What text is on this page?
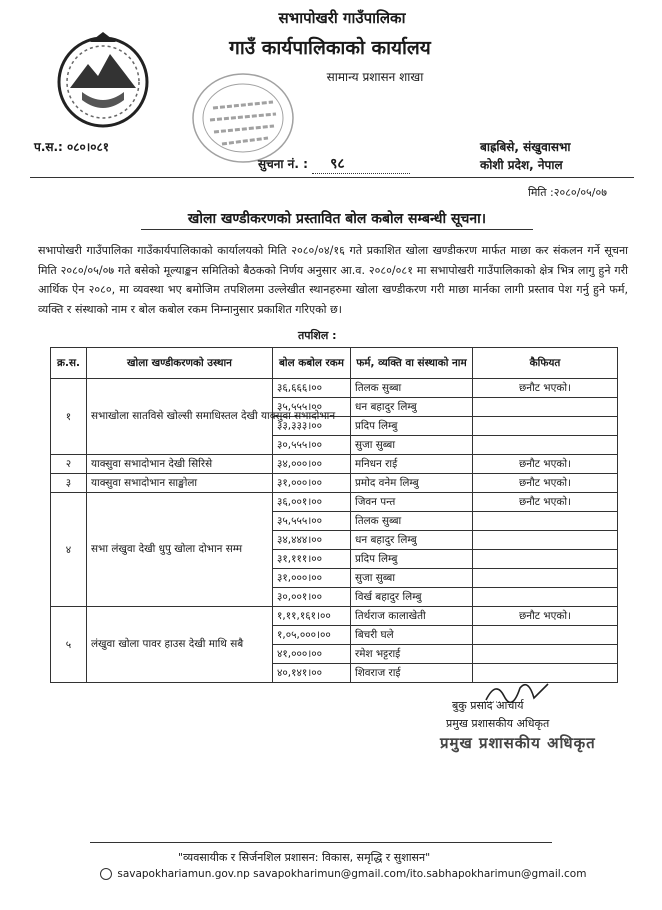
सभापोखरी गाउँपालिका
गाउँ कार्यपालिकाको कार्यालय
सामान्य प्रशासन शाखा
प.स.: ०८०।०८१
सुचना नं. : ९८
बाह्रबिसे, संखुवासभा
कोशी प्रदेश, नेपाल
मिति :२०८०/०५/०७
खोला खण्डीकरणको प्रस्तावित बोल कबोल सम्बन्धी सूचना।
सभापोखरी गाउँपालिका गाउँकार्यपालिकाको कार्यालयको मिति २०८०/०४/१६ गते प्रकाशित खोला खण्डीकरण मार्फत माछा कर संकलन गर्ने सूचना मिति २०८०/०५/०७ गते बसेको मूल्याङ्कन समितिको बैठकको निर्णय अनुसार आ.व. २०८०/०८१ मा सभापोखरी गाउँपालिकाको क्षेत्र भित्र लागु हुने गरी आर्थिक ऐन २०८०, मा व्यवस्था भए बमोजिम तपशिलमा उल्लेखीत स्थानहरुमा खोला खण्डीकरण गरी माछा मार्नका लागी प्रस्ताव पेश गर्नु हुने फर्म, व्यक्ति र संस्थाको नाम र बोल कबोल रकम निम्नानुसार प्रकाशित गरिएको छ।
तपशिल :
क्र.स.	खोला खण्डीकरणको उस्थान	बोल कबोल रकम	फर्म, व्यक्ति वा संस्थाको नाम	कैफियत
१	सभाखोला सातविसे खोल्सी समाधिस्तल देखी याक्सुवा सभादोभान	३६,६६६।००	तिलक सुब्बा	छनौट भएको।
		३५,५५५।००	धन बहादुर लिम्बु	
		३३,३३३।००	प्रदिप लिम्बु	
		३०,५५५।००	सुजा सुब्बा	
२	याक्सुवा सभादोभान देखी सिरिसे	३४,०००।००	मनिधन राई	छनौट भएको।
३	याक्सुवा सभादोभान साङ्खोला	३१,०००।००	प्रमोद वनेम लिम्बु	छनौट भएको।
४	सभा लंखुवा देखी धुपु खोला दोभान सम्म	३६,००१।००	जिवन पन्त	छनौट भएको।
		३५,५५५।००	तिलक सुब्बा	
		३४,४४४।००	धन बहादुर लिम्बु	
		३१,१११।००	प्रदिप लिम्बु	
		३१,०००।००	सुजा सुब्बा	
		३०,००१।००	विर्ख बहादुर लिम्बु	
५	लंखुवा खोला पावर हाउस देखी माथि सबै	१,११,१६१।००	तिर्थराज कालाखेती	छनौट भएको।
		१,०५,०००।००	बिचरी घले	
		४१,०००।००	रमेश भट्टराई	
		४०,१४१।००	शिवराज राई	
बुकु प्रसाद आचार्य
प्रमुख प्रशासकीय अधिकृत
प्रमुख प्रशासकीय अधिकृत
"व्यवसायीक र सिर्जनशिल प्रशासन: विकास, समृद्धि र सुशासन"
savapokhariamun.gov.np savapokharimun@gmail.com/ito.sabhapokharimun@gmail.com
